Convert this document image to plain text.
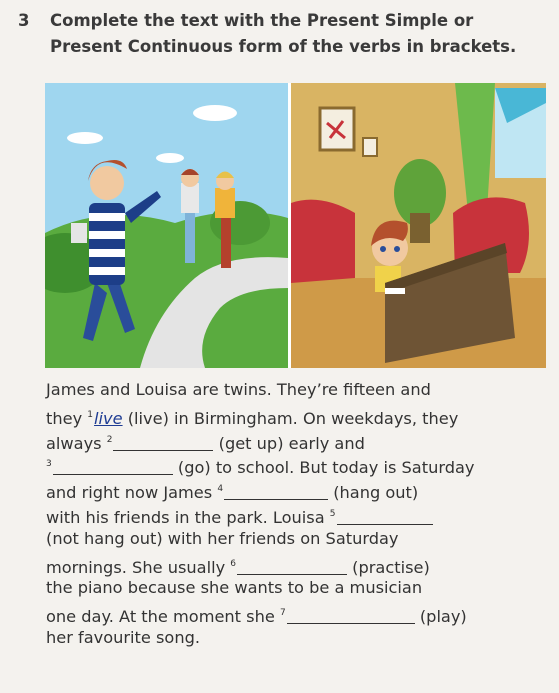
3 Complete the text with the Present Simple or Present Continuous form of the verbs in brackets.
James and Louisa are twins. They’re fifteen and
they $^1$live (live) in Birmingham. On weekdays, they
always $^2$	(get up) early and
$^3$	(go) to school. But today is Saturday
and right now James $^4$	(hang out)
with his friends in the park. Louisa $^5$
(not hang out) with her friends on Saturday
mornings. She usually $^6$	(practise)
the piano because she wants to be a musician
one day. At the moment she $^7$	(play)
her favourite song.
